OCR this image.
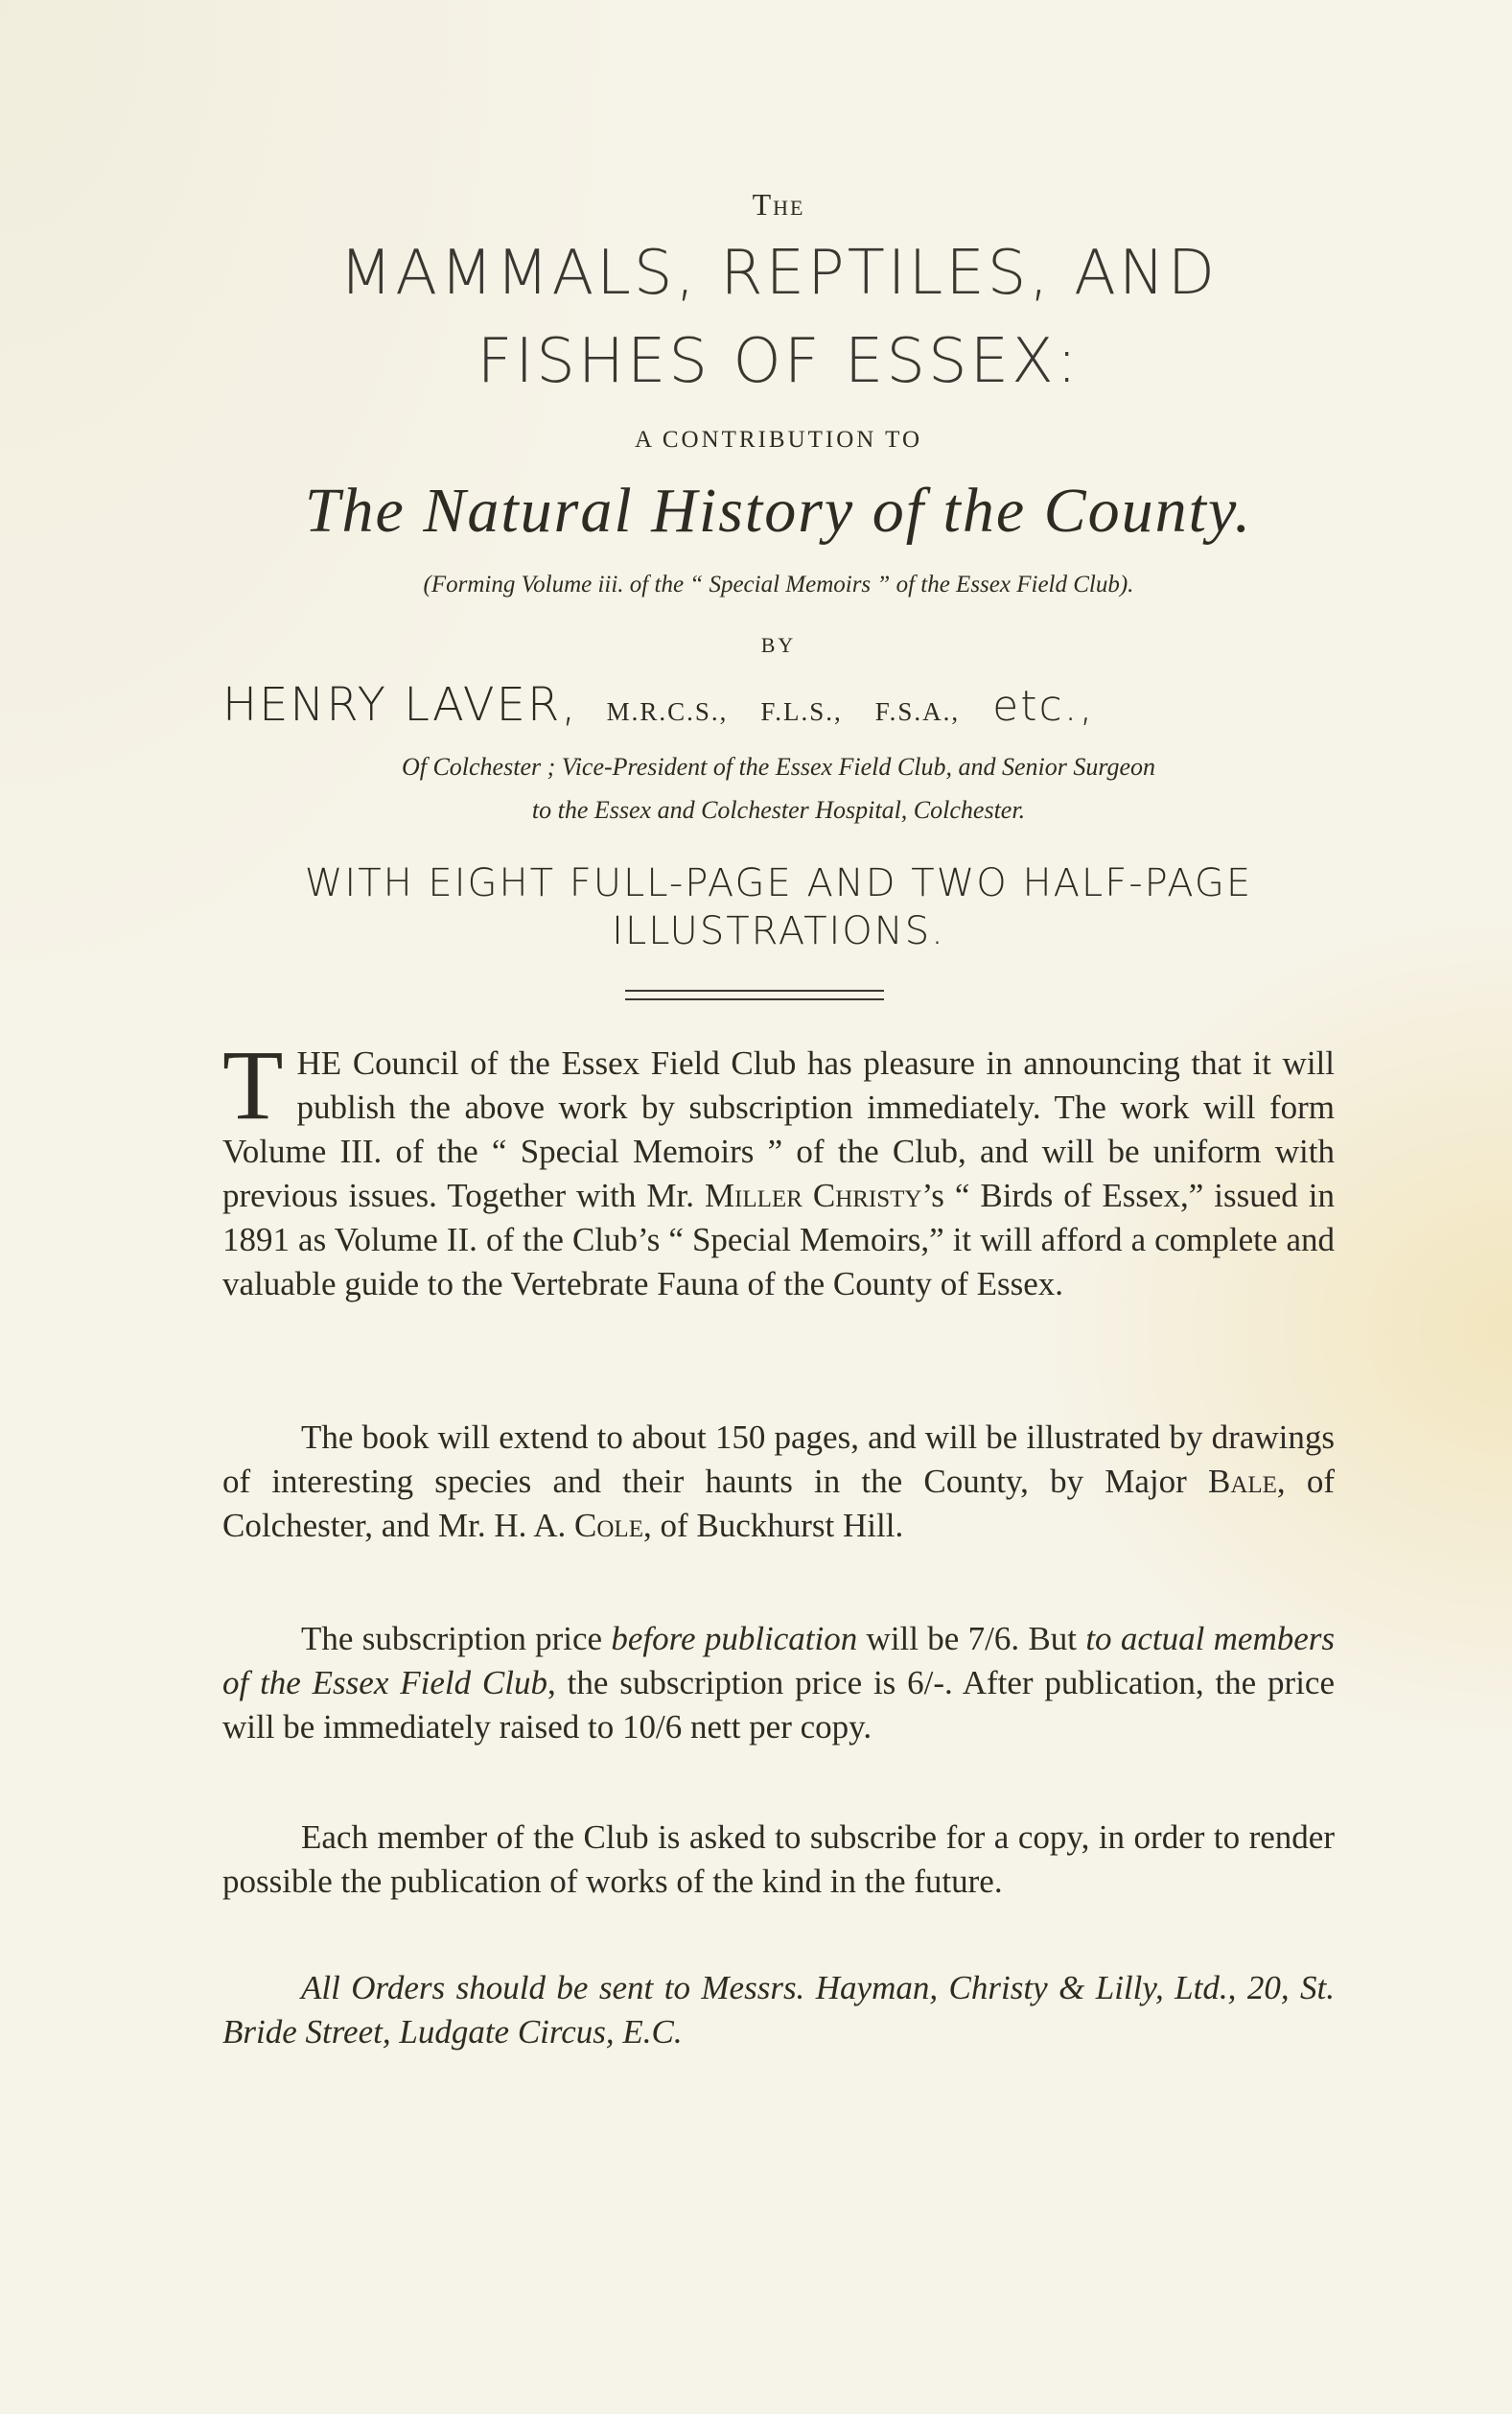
The
MAMMALS, REPTILES, AND
FISHES OF ESSEX:
A CONTRIBUTION TO
The Natural History of the County.
(Forming Volume iii. of the “ Special Memoirs ” of the Essex Field Club).
BY
HENRY LAVER, M.R.C.S., F.L.S., F.S.A., etc.,
Of Colchester ; Vice-President of the Essex Field Club, and Senior Surgeon
to the Essex and Colchester Hospital, Colchester.
WITH EIGHT FULL-PAGE AND TWO HALF-PAGE
ILLUSTRATIONS.
THE Council of the Essex Field Club has pleasure in announcing that it will publish the above work by subscription immediately. The work will form Volume III. of the “ Special Memoirs ” of the Club, and will be uniform with previous issues. Together with Mr. Miller Christy’s “ Birds of Essex,” issued in 1891 as Volume II. of the Club’s “ Special Memoirs,” it will afford a complete and valuable guide to the Vertebrate Fauna of the County of Essex.
The book will extend to about 150 pages, and will be illustrated by drawings of interesting species and their haunts in the County, by Major Bale, of Colchester, and Mr. H. A. Cole, of Buckhurst Hill.
The subscription price before publication will be 7/6. But to actual members of the Essex Field Club, the subscription price is 6/-. After publication, the price will be immediately raised to 10/6 nett per copy.
Each member of the Club is asked to subscribe for a copy, in order to render possible the publication of works of the kind in the future.
All Orders should be sent to Messrs. Hayman, Christy & Lilly, Ltd., 20, St. Bride Street, Ludgate Circus, E.C.
